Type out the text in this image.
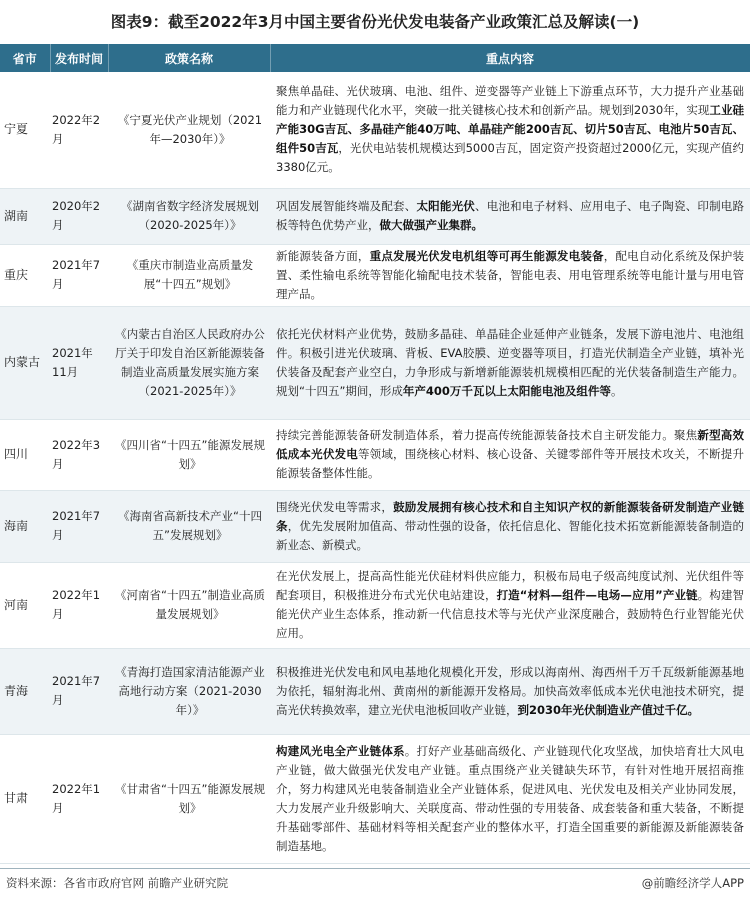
图表9：截至2022年3月中国主要省份光伏发电装备产业政策汇总及解读(一)
省市	发布时间	政策名称	重点内容
宁夏	2022年2月	《宁夏光伏产业规划（2021年—2030年）》	聚焦单晶硅、光伏玻璃、电池、组件、逆变器等产业链上下游重点环节，大力提升产业基础能力和产业链现代化水平，突破一批关键核心技术和创新产品。规划到2030年，实现工业硅产能30G吉瓦、多晶硅产能40万吨、单晶硅产能200吉瓦、切片50吉瓦、电池片50吉瓦、组件50吉瓦，光伏电站装机规模达到5000吉瓦，固定资产投资超过2000亿元，实现产值约3380亿元。
湖南	2020年2月	《湖南省数字经济发展规划（2020-2025年）》	巩固发展智能终端及配套、太阳能光伏、电池和电子材料、应用电子、电子陶瓷、印制电路板等特色优势产业，做大做强产业集群。
重庆	2021年7月	《重庆市制造业高质量发展“十四五”规划》	新能源装备方面，重点发展光伏发电机组等可再生能源发电装备，配电自动化系统及保护装置、柔性输电系统等智能化输配电技术装备，智能电表、用电管理系统等电能计量与用电管理产品。
内蒙古	2021年11月	《内蒙古自治区人民政府办公厅关于印发自治区新能源装备制造业高质量发展实施方案（2021-2025年）》	依托光伏材料产业优势，鼓励多晶硅、单晶硅企业延伸产业链条，发展下游电池片、电池组件。积极引进光伏玻璃、背板、EVA胶膜、逆变器等项目，打造光伏制造全产业链，填补光伏装备及配套产业空白，力争形成与新增新能源装机规模相匹配的光伏装备制造生产能力。规划“十四五”期间，形成年产400万千瓦以上太阳能电池及组件等。
四川	2022年3月	《四川省“十四五”能源发展规划》	持续完善能源装备研发制造体系，着力提高传统能源装备技术自主研发能力。聚焦新型高效低成本光伏发电等领域，围绕核心材料、核心设备、关键零部件等开展技术攻关，不断提升能源装备整体性能。
海南	2021年7月	《海南省高新技术产业“十四五”发展规划》	围绕光伏发电等需求，鼓励发展拥有核心技术和自主知识产权的新能源装备研发制造产业链条，优先发展附加值高、带动性强的设备，依托信息化、智能化技术拓宽新能源装备制造的新业态、新模式。
河南	2022年1月	《河南省“十四五”制造业高质量发展规划》	在光伏发展上，提高高性能光伏硅材料供应能力，积极布局电子级高纯度试剂、光伏组件等配套项目，积极推进分布式光伏电站建设，打造“材料—组件—电场—应用”产业链。构建智能光伏产业生态体系，推动新一代信息技术等与光伏产业深度融合，鼓励特色行业智能光伏应用。
青海	2021年7月	《青海打造国家清洁能源产业高地行动方案（2021-2030年）》	积极推进光伏发电和风电基地化规模化开发，形成以海南州、海西州千万千瓦级新能源基地为依托，辐射海北州、黄南州的新能源开发格局。加快高效率低成本光伏电池技术研究，提高光伏转换效率，建立光伏电池板回收产业链，到2030年光伏制造业产值过千亿。
甘肃	2022年1月	《甘肃省“十四五”能源发展规划》	构建风光电全产业链体系。打好产业基础高级化、产业链现代化攻坚战，加快培育壮大风电产业链，做大做强光伏发电产业链。重点围绕产业关键缺失环节，有针对性地开展招商推介，努力构建风光电装备制造业全产业链体系，促进风电、光伏发电及相关产业协同发展，大力发展产业升级影响大、关联度高、带动性强的专用装备、成套装备和重大装备，不断提升基础零部件、基础材料等相关配套产业的整体水平，打造全国重要的新能源及新能源装备制造基地。
资料来源：各省市政府官网 前瞻产业研究院	@前瞻经济学人APP
